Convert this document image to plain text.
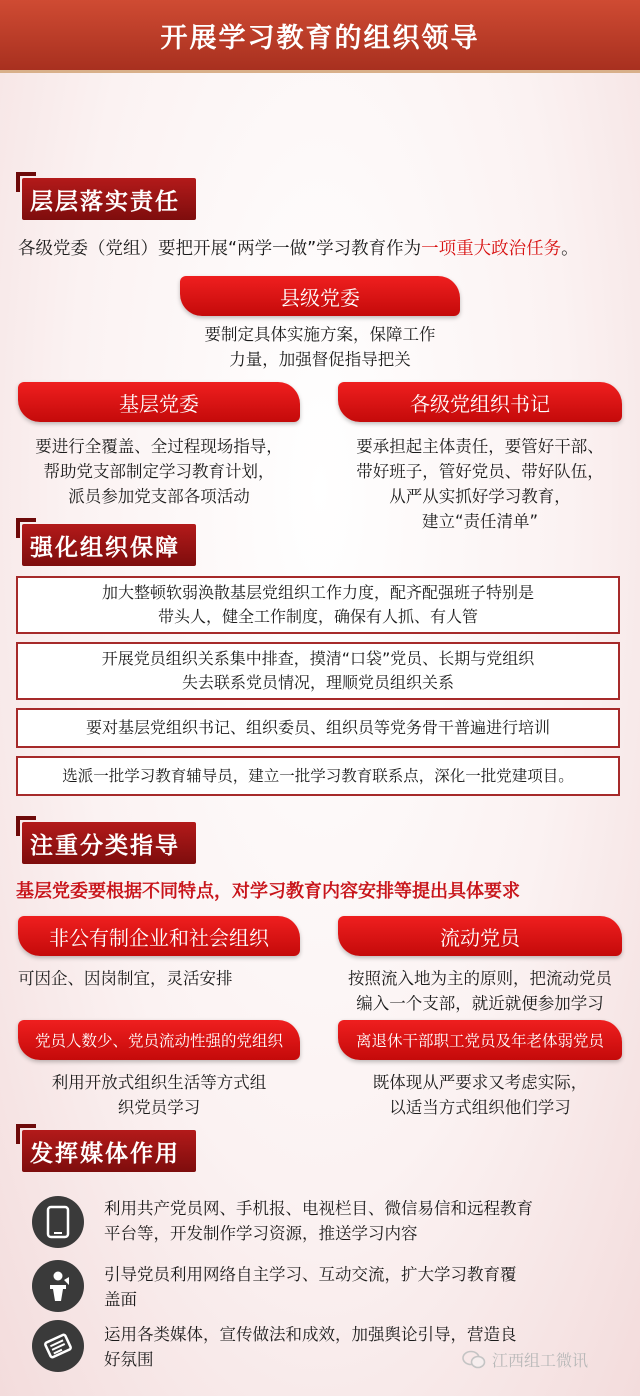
开展学习教育的组织领导
层层落实责任
各级党委（党组）要把开展“两学一做”学习教育作为一项重大政治任务。
县级党委
要制定具体实施方案，保障工作
力量，加强督促指导把关
基层党委
要进行全覆盖、全过程现场指导，
帮助党支部制定学习教育计划，
派员参加党支部各项活动
各级党组织书记
要承担起主体责任，要管好干部、
带好班子，管好党员、带好队伍，
从严从实抓好学习教育，
建立“责任清单”
强化组织保障
加大整顿软弱涣散基层党组织工作力度，配齐配强班子特别是
带头人，健全工作制度，确保有人抓、有人管
开展党员组织关系集中排查，摸清“口袋”党员、长期与党组织
失去联系党员情况，理顺党员组织关系
要对基层党组织书记、组织委员、组织员等党务骨干普遍进行培训
选派一批学习教育辅导员，建立一批学习教育联系点，深化一批党建项目。
注重分类指导
基层党委要根据不同特点，对学习教育内容安排等提出具体要求
非公有制企业和社会组织
可因企、因岗制宜，灵活安排
流动党员
按照流入地为主的原则，把流动党员
编入一个支部，就近就便参加学习
党员人数少、党员流动性强的党组织
利用开放式组织生活等方式组
织党员学习
离退休干部职工党员及年老体弱党员
既体现从严要求又考虑实际，
以适当方式组织他们学习
发挥媒体作用
利用共产党员网、手机报、电视栏目、微信易信和远程教育
平台等，开发制作学习资源，推送学习内容
引导党员利用网络自主学习、互动交流，扩大学习教育覆
盖面
运用各类媒体，宣传做法和成效，加强舆论引导，营造良
好氛围	江西组工微讯
